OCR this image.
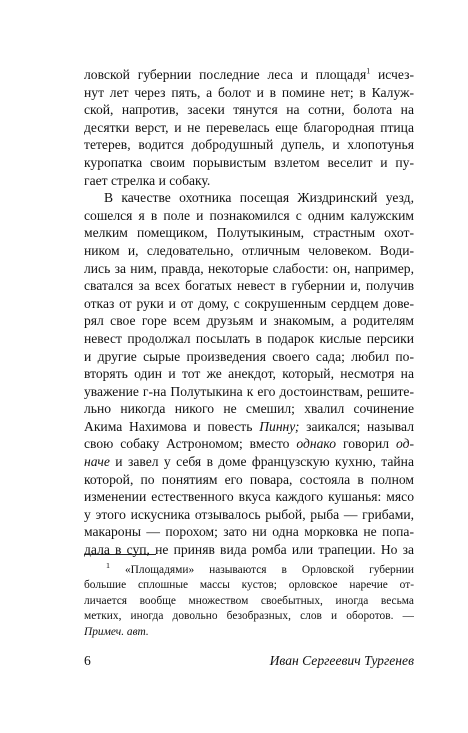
ловской губернии последние леса и площадя$^1$ исчез-
нут лет через пять, а болот и в помине нет; в Калуж-
ской, напротив, засеки тянутся на сотни, болота на
десятки верст, и не перевелась еще благородная птица
тетерев, водится добродушный дупель, и хлопотунья
куропатка своим порывистым взлетом веселит и пу-
гает стрелка и собаку.
В качестве охотника посещая Жиздринский уезд,
сошелся я в поле и познакомился с одним калужским
мелким помещиком, Полутыкиным, страстным охот-
ником и, следовательно, отличным человеком. Води-
лись за ним, правда, некоторые слабости: он, например,
сватался за всех богатых невест в губернии и, получив
отказ от руки и от дому, с сокрушенным сердцем дове-
рял свое горе всем друзьям и знакомым, а родителям
невест продолжал посылать в подарок кислые персики
и другие сырые произведения своего сада; любил по-
вторять один и тот же анекдот, который, несмотря на
уважение г-на Полутыкина к его достоинствам, решите-
льно никогда никого не смешил; хвалил сочинение
Акима Нахимова и повесть Пинну; заикался; называл
свою собаку Астрономом; вместо однако говорил од-
наче и завел у себя в доме французскую кухню, тайна
которой, по понятиям его повара, состояла в полном
изменении естественного вкуса каждого кушанья: мясо
у этого искусника отзывалось рыбой, рыба — грибами,
макароны — порохом; зато ни одна морковка не попа-
дала в суп, не приняв вида ромба или трапеции. Но за
$^1$ «Площадями» называются в Орловской губернии
большие сплошные массы кустов; орловское наречие от-
личается вообще множеством своебытных, иногда весьма
метких, иногда довольно безобразных, слов и оборотов. —
Примеч. авт.
6	Иван Сергеевич Тургенев
